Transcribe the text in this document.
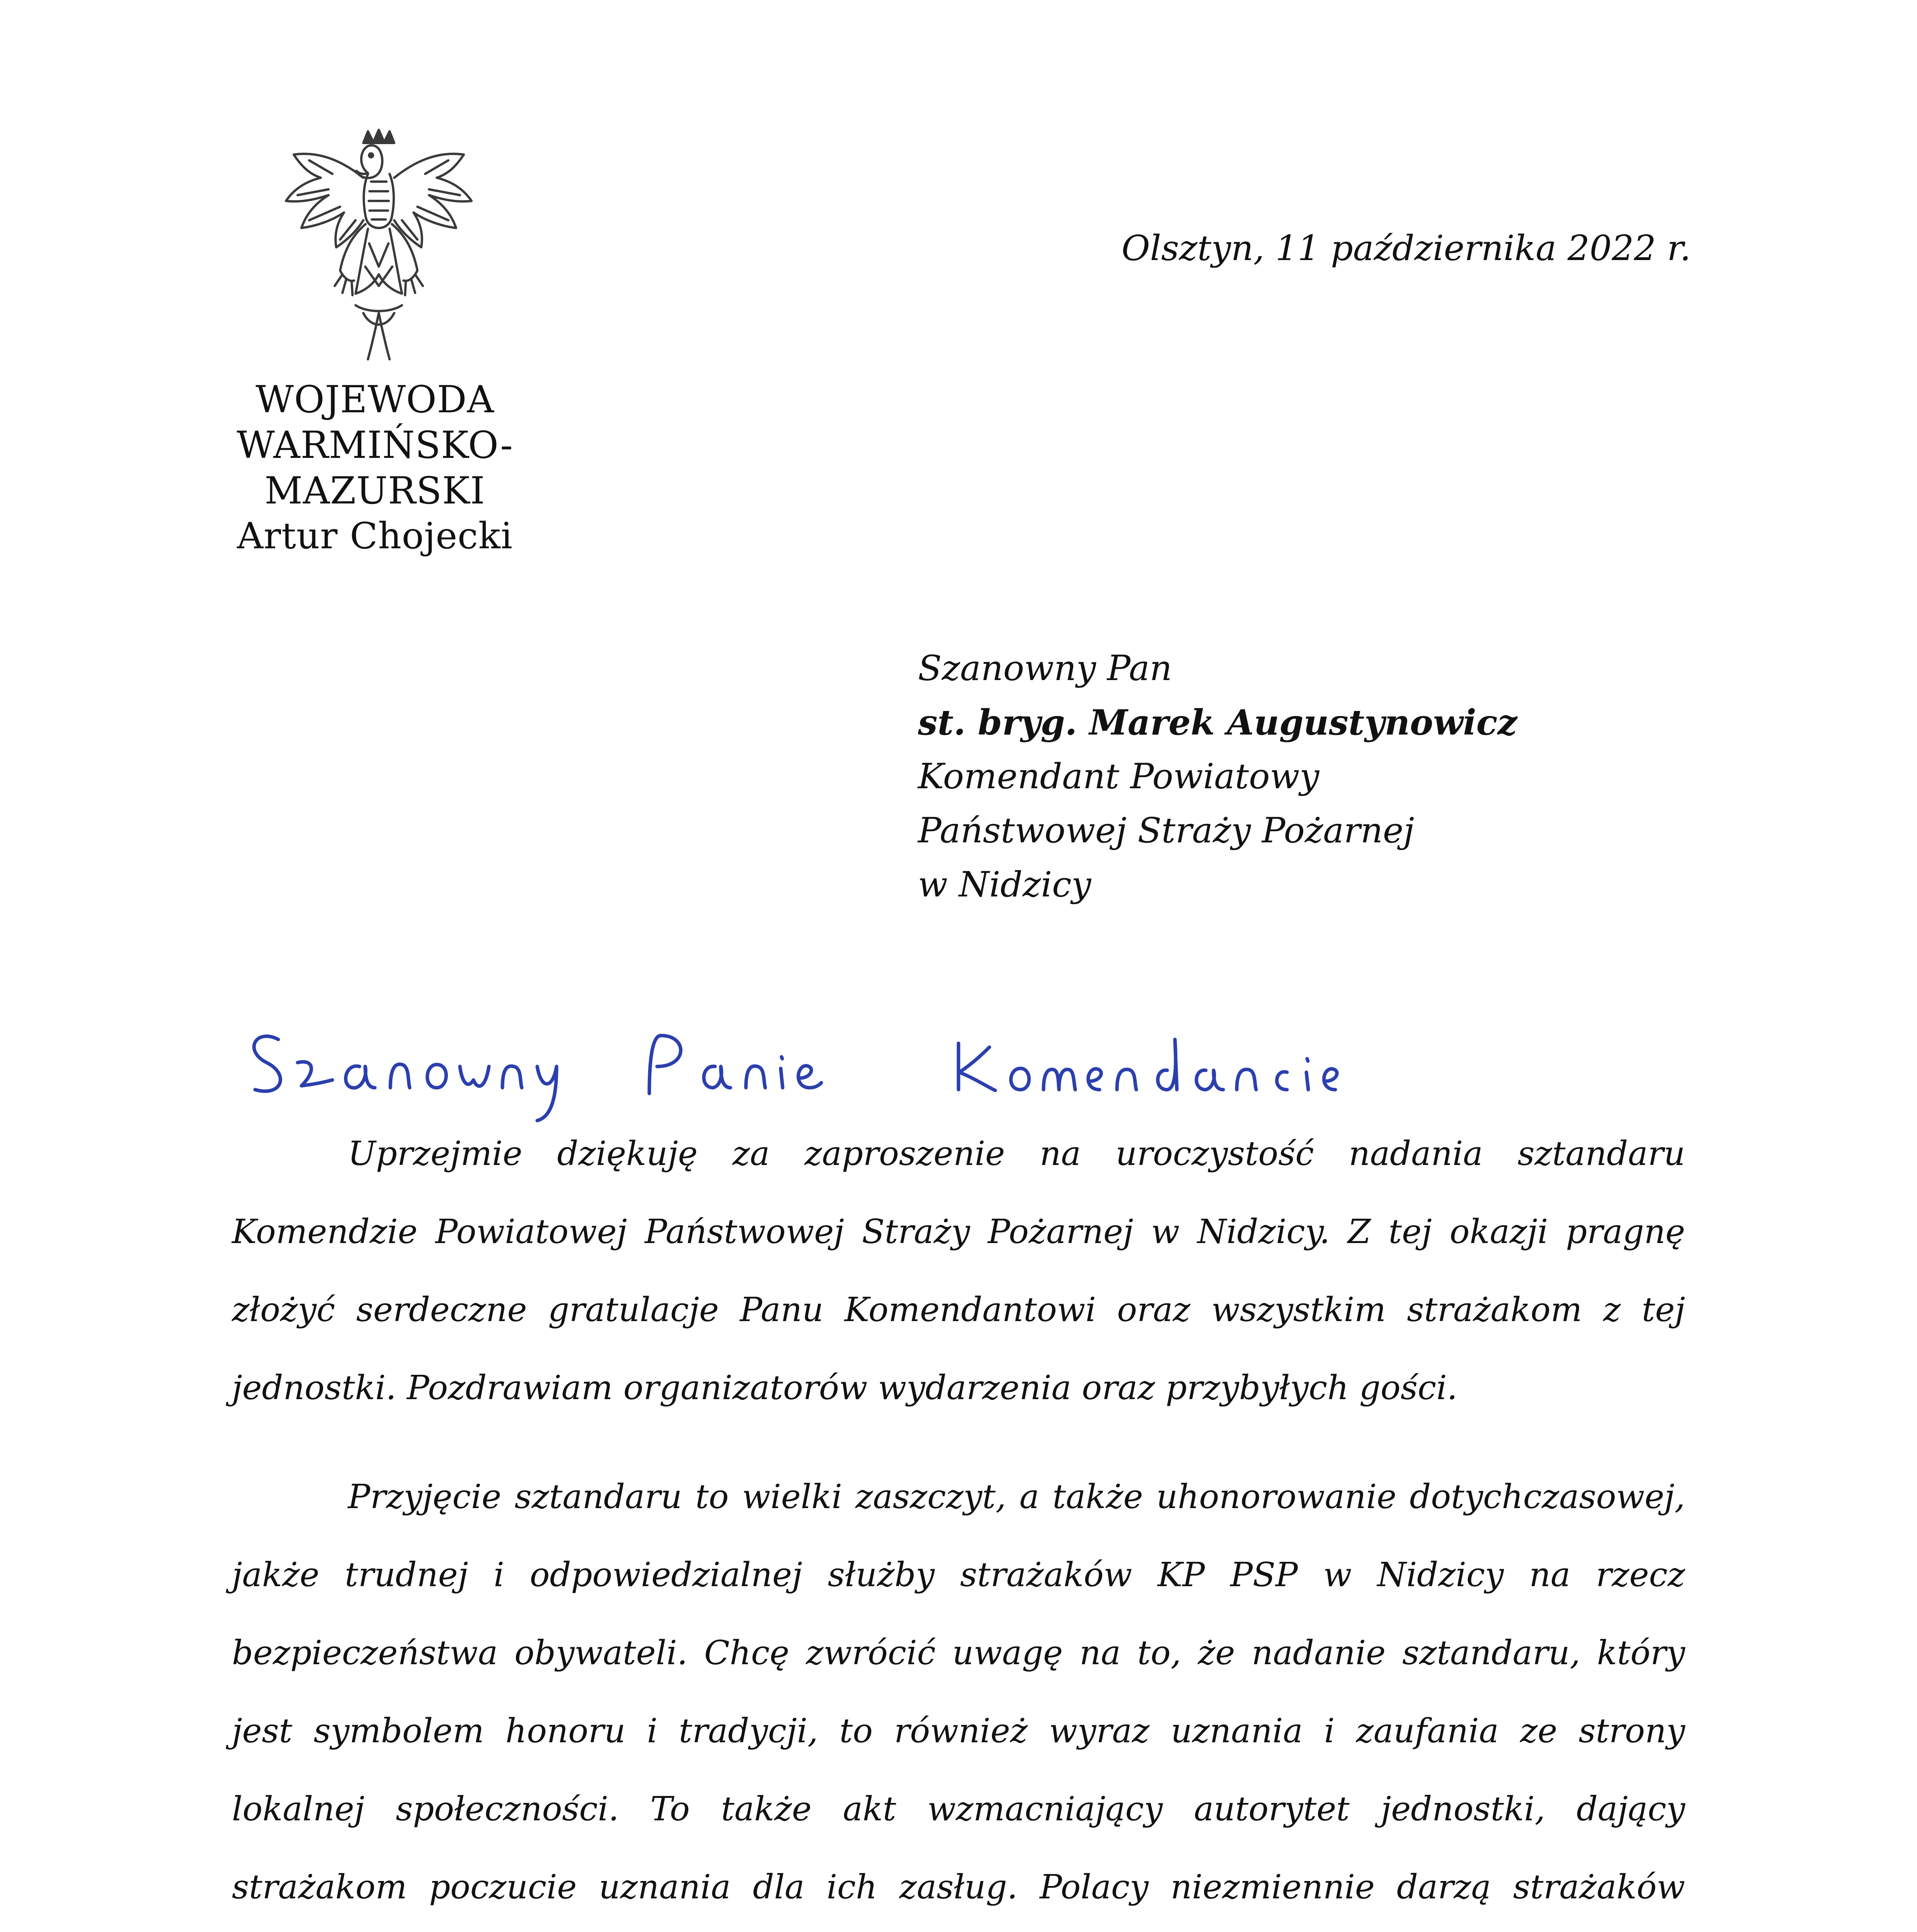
WOJEWODA
WARMIŃSKO-MAZURSKI
Artur Chojecki
Olsztyn, 11 października 2022 r.
Szanowny Pan
st. bryg. Marek Augustynowicz
Komendant Powiatowy
Państwowej Straży Pożarnej
w Nidzicy

Uprzejmie dziękuję za zaproszenie na uroczystość nadania sztandaru Komendzie Powiatowej Państwowej Straży Pożarnej w Nidzicy. Z tej okazji pragnę złożyć serdeczne gratulacje Panu Komendantowi oraz wszystkim strażakom z tej jednostki. Pozdrawiam organizatorów wydarzenia oraz przybyłych gości.

Przyjęcie sztandaru to wielki zaszczyt, a także uhonorowanie dotychczasowej, jakże trudnej i odpowiedzialnej służby strażaków KP PSP w Nidzicy na rzecz bezpieczeństwa obywateli. Chcę zwrócić uwagę na to, że nadanie sztandaru, który jest symbolem honoru i tradycji, to również wyraz uznania i zaufania ze strony lokalnej społeczności. To także akt wzmacniający autorytet jednostki, dający strażakom poczucie uznania dla ich zasług. Polacy niezmiennie darzą strażaków
